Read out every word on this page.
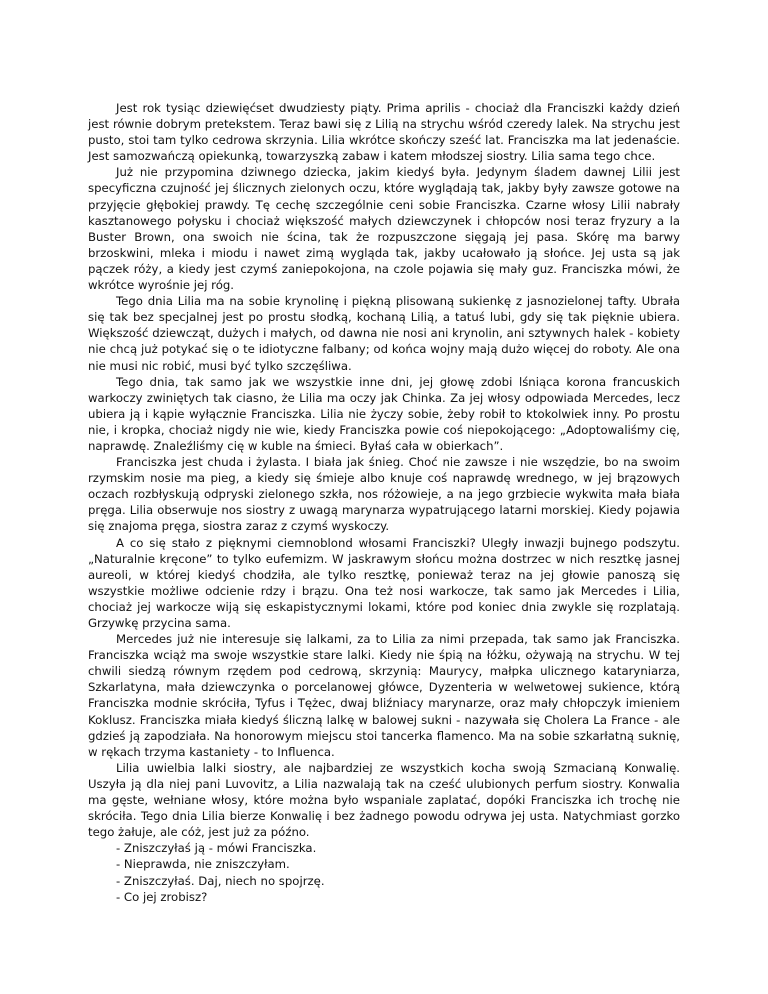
Jest rok tysiąc dziewięćset dwudziesty piąty. Prima aprilis - chociaż dla Franciszki każdy dzień jest równie dobrym pretekstem. Teraz bawi się z Lilią na strychu wśród czeredy lalek. Na strychu jest pusto, stoi tam tylko cedrowa skrzynia. Lilia wkrótce skończy sześć lat. Franciszka ma lat jedenaście. Jest samozwańczą opiekunką, towarzyszką zabaw i katem młodszej siostry. Lilia sama tego chce.

Już nie przypomina dziwnego dziecka, jakim kiedyś była. Jedynym śladem dawnej Lilii jest specyficzna czujność jej ślicznych zielonych oczu, które wyglądają tak, jakby były zawsze gotowe na przyjęcie głębokiej prawdy. Tę cechę szczególnie ceni sobie Franciszka. Czarne włosy Lilii nabrały kasztanowego połysku i chociaż większość małych dziewczynek i chłopców nosi teraz fryzury a la Buster Brown, ona swoich nie ścina, tak że rozpuszczone sięgają jej pasa. Skórę ma barwy brzoskwini, mleka i miodu i nawet zimą wygląda tak, jakby ucałowało ją słońce. Jej usta są jak pączek róży, a kiedy jest czymś zaniepokojona, na czole pojawia się mały guz. Franciszka mówi, że wkrótce wyrośnie jej róg.

Tego dnia Lilia ma na sobie krynolinę i piękną plisowaną sukienkę z jasnozielonej tafty. Ubrała się tak bez specjalnej jest po prostu słodką, kochaną Lilią, a tatuś lubi, gdy się tak pięknie ubiera. Większość dziewcząt, dużych i małych, od dawna nie nosi ani krynolin, ani sztywnych halek - kobiety nie chcą już potykać się o te idiotyczne falbany; od końca wojny mają dużo więcej do roboty. Ale ona nie musi nic robić, musi być tylko szczęśliwa.

Tego dnia, tak samo jak we wszystkie inne dni, jej głowę zdobi lśniąca korona francuskich warkoczy zwiniętych tak ciasno, że Lilia ma oczy jak Chinka. Za jej włosy odpowiada Mercedes, lecz ubiera ją i kąpie wyłącznie Franciszka. Lilia nie życzy sobie, żeby robił to ktokolwiek inny. Po prostu nie, i kropka, chociaż nigdy nie wie, kiedy Franciszka powie coś niepokojącego: „Adoptowaliśmy cię, naprawdę. Znaleźliśmy cię w kuble na śmieci. Byłaś cała w obierkach”.

Franciszka jest chuda i żylasta. I biała jak śnieg. Choć nie zawsze i nie wszędzie, bo na swoim rzymskim nosie ma pieg, a kiedy się śmieje albo knuje coś naprawdę wrednego, w jej brązowych oczach rozbłyskują odpryski zielonego szkła, nos różowieje, a na jego grzbiecie wykwita mała biała pręga. Lilia obserwuje nos siostry z uwagą marynarza wypatrującego latarni morskiej. Kiedy pojawia się znajoma pręga, siostra zaraz z czymś wyskoczy.

A co się stało z pięknymi ciemnoblond włosami Franciszki? Uległy inwazji bujnego podszytu. „Naturalnie kręcone” to tylko eufemizm. W jaskrawym słońcu można dostrzec w nich resztkę jasnej aureoli, w której kiedyś chodziła, ale tylko resztkę, ponieważ teraz na jej głowie panoszą się wszystkie możliwe odcienie rdzy i brązu. Ona też nosi warkocze, tak samo jak Mercedes i Lilia, chociaż jej warkocze wiją się eskapistycznymi lokami, które pod koniec dnia zwykle się rozplatają. Grzywkę przycina sama.

Mercedes już nie interesuje się lalkami, za to Lilia za nimi przepada, tak samo jak Franciszka. Franciszka wciąż ma swoje wszystkie stare lalki. Kiedy nie śpią na łóżku, ożywają na strychu. W tej chwili siedzą równym rzędem pod cedrową, skrzynią: Maurycy, małpka ulicznego kataryniarza, Szkarlatyna, mała dziewczynka o porcelanowej główce, Dyzenteria w welwetowej sukience, którą Franciszka modnie skróciła, Tyfus i Tężec, dwaj bliźniacy marynarze, oraz mały chłopczyk imieniem Koklusz. Franciszka miała kiedyś śliczną lalkę w balowej sukni - nazywała się Cholera La France - ale gdzieś ją zapodziała. Na honorowym miejscu stoi tancerka flamenco. Ma na sobie szkarłatną suknię, w rękach trzyma kastaniety - to Influenca.

Lilia uwielbia lalki siostry, ale najbardziej ze wszystkich kocha swoją Szmacianą Konwalię. Uszyła ją dla niej pani Luvovitz, a Lilia nazwalają tak na cześć ulubionych perfum siostry. Konwalia ma gęste, wełniane włosy, które można było wspaniale zaplatać, dopóki Franciszka ich trochę nie skróciła. Tego dnia Lilia bierze Konwalię i bez żadnego powodu odrywa jej usta. Natychmiast gorzko tego żałuje, ale cóż, jest już za późno.

- Zniszczyłaś ją - mówi Franciszka.

- Nieprawda, nie zniszczyłam.

- Zniszczyłaś. Daj, niech no spojrzę.

- Co jej zrobisz?
